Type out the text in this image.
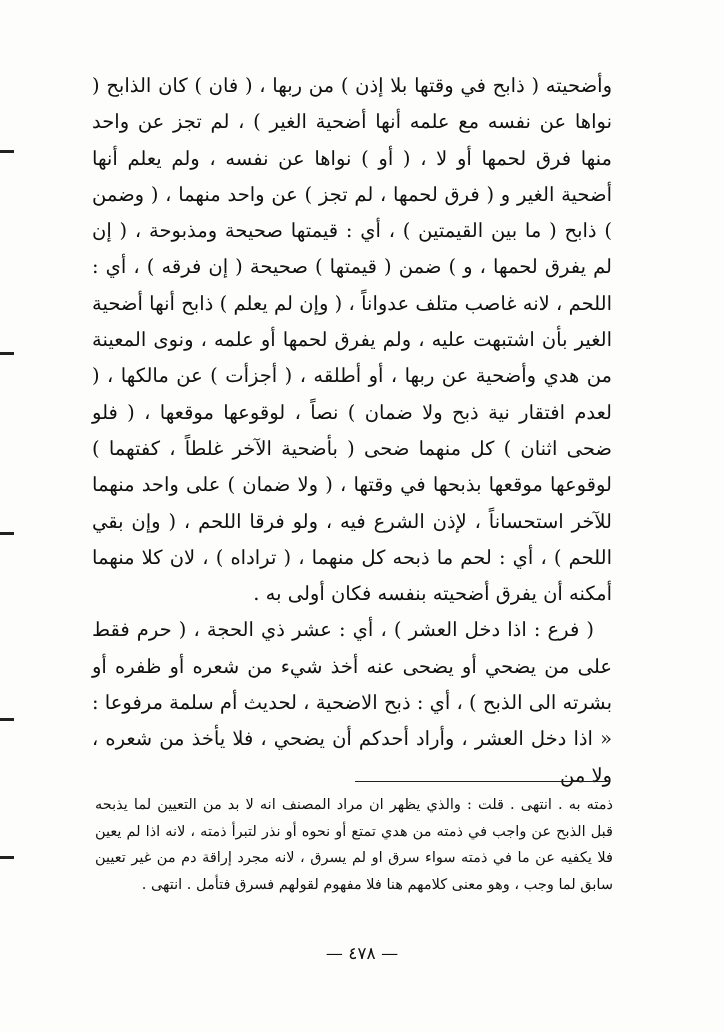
وأضحيته ( ذابح في وقتها بلا إذن ) من ربها ، ( فان ) كان الذابح ( نواها عن نفسه مع علمه أنها أضحية الغير ) ، لم تجز عن واحد منها فرق لحمها أو لا ، ( أو ) نواها عن نفسه ، ولم يعلم أنها أضحية الغير و ( فرق لحمها ، لم تجز ) عن واحد منهما ، ( وضمن ) ذابح ( ما بين القيمتين ) ، أي : قيمتها صحيحة ومذبوحة ، ( إن لم يفرق لحمها ، و ) ضمن ( قيمتها ) صحيحة ( إن فرقه ) ، أي : اللحم ، لانه غاصب متلف عدواناً ، ( وإن لم يعلم ) ذابح أنها أضحية الغير بأن اشتبهت عليه ، ولم يفرق لحمها أو علمه ، ونوى المعينة من هدي وأضحية عن ربها ، أو أطلقه ، ( أجزأت ) عن مالكها ، ( لعدم افتقار نية ذبح ولا ضمان ) نصاً ، لوقوعها موقعها ، ( فلو ضحى اثنان ) كل منهما ضحى ( بأضحية الآخر غلطاً ، كفتهما ) لوقوعها موقعها بذبحها في وقتها ، ( ولا ضمان ) على واحد منهما للآخر استحساناً ، لإذن الشرع فيه ، ولو فرقا اللحم ، ( وإن بقي اللحم ) ، أي : لحم ما ذبحه كل منهما ، ( تراداه ) ، لان كلا منهما أمكنه أن يفرق أضحيته بنفسه فكان أولى به .

( فرع : اذا دخل العشر ) ، أي : عشر ذي الحجة ، ( حرم فقط على من يضحي أو يضحى عنه أخذ شيء من شعره أو ظفره أو بشرته الى الذبح ) ، أي : ذبح الاضحية ، لحديث أم سلمة مرفوعا : « اذا دخل العشر ، وأراد أحدكم أن يضحي ، فلا يأخذ من شعره ، ولا من

ذمته به . انتهى . قلت : والذي يظهر ان مراد المصنف انه لا بد من التعيين لما يذبحه قبل الذبح عن واجب في ذمته من هدي تمتع أو نحوه أو نذر لتبرأ ذمته ، لانه اذا لم يعين فلا يكفيه عن ما في ذمته سواء سرق او لم يسرق ، لانه مجرد إراقة دم من غير تعيين سابق لما وجب ، وهو معنى كلامهم هنا فلا مفهوم لقولهم فسرق فتأمل . انتهى .
— ٤٧٨ —
